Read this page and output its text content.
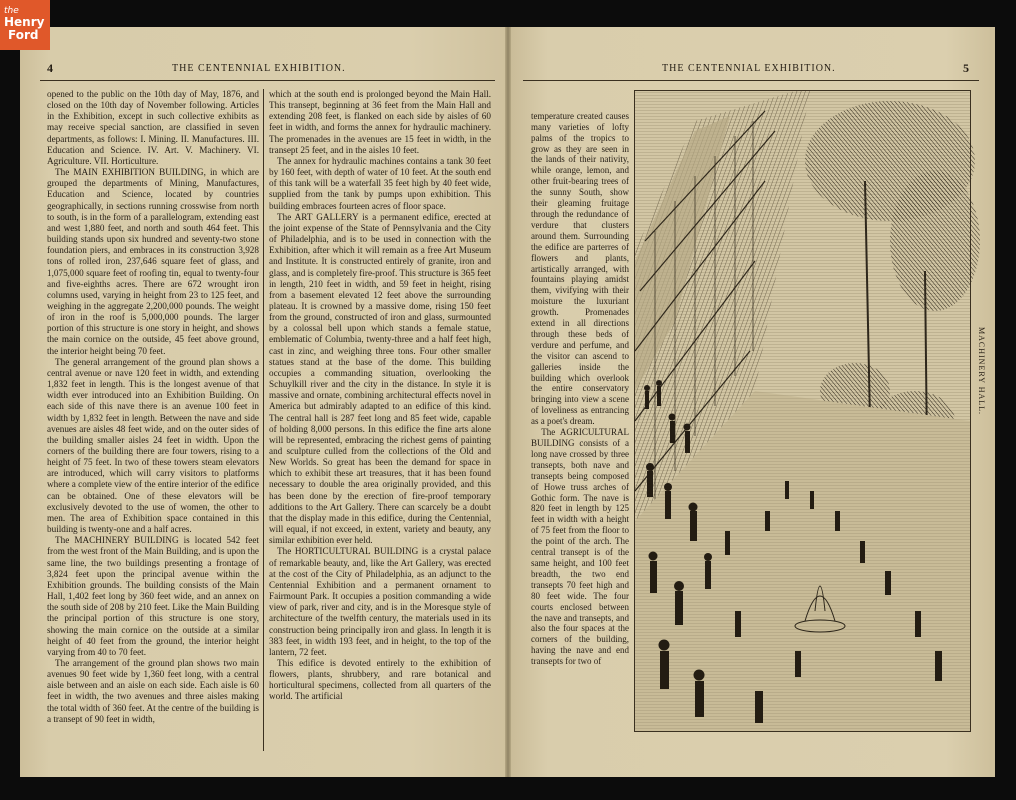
the
Henry
Ford
4	THE CENTENNIAL EXHIBITION.

opened to the public on the 10th day of May, 1876, and closed on the 10th day of November following. Articles in the Exhibition, except in such collective exhibits as may receive special sanction, are classified in seven departments, as follows: I. Mining. II. Manufactures. III. Education and Science. IV. Art. V. Machinery. VI. Agriculture. VII. Horticulture.

The MAIN EXHIBITION BUILDING, in which are grouped the departments of Mining, Manufactures, Education and Science, located by countries geographically, in sections running crosswise from north to south, is in the form of a parallelogram, extending east and west 1,880 feet, and north and south 464 feet. This building stands upon six hundred and seventy-two stone foundation piers, and embraces in its construction 3,928 tons of rolled iron, 237,646 square feet of glass, and 1,075,000 square feet of roofing tin, equal to twenty-four and five-eighths acres. There are 672 wrought iron columns used, varying in height from 23 to 125 feet, and weighing in the aggregate 2,200,000 pounds. The weight of iron in the roof is 5,000,000 pounds. The larger portion of this structure is one story in height, and shows the main cornice on the outside, 45 feet above ground, the interior height being 70 feet.

The general arrangement of the ground plan shows a central avenue or nave 120 feet in width, and extending 1,832 feet in length. This is the longest avenue of that width ever introduced into an Exhibition Building. On each side of this nave there is an avenue 100 feet in width by 1,832 feet in length. Between the nave and side avenues are aisles 48 feet wide, and on the outer sides of the building smaller aisles 24 feet in width. Upon the corners of the building there are four towers, rising to a height of 75 feet. In two of these towers steam elevators are introduced, which will carry visitors to platforms where a complete view of the entire interior of the edifice can be obtained. One of these elevators will be exclusively devoted to the use of women, the other to men. The area of Exhibition space contained in this building is twenty-one and a half acres.

The MACHINERY BUILDING is located 542 feet from the west front of the Main Building, and is upon the same line, the two buildings presenting a frontage of 3,824 feet upon the principal avenue within the Exhibition grounds. The building consists of the Main Hall, 1,402 feet long by 360 feet wide, and an annex on the south side of 208 by 210 feet. Like the Main Building the principal portion of this structure is one story, showing the main cornice on the outside at a similar height of 40 feet from the ground, the interior height varying from 40 to 70 feet.

The arrangement of the ground plan shows two main avenues 90 feet wide by 1,360 feet long, with a central aisle between and an aisle on each side. Each aisle is 60 feet in width, the two avenues and three aisles making the total width of 360 feet. At the centre of the building is a transept of 90 feet in width,

which at the south end is prolonged beyond the Main Hall. This transept, beginning at 36 feet from the Main Hall and extending 208 feet, is flanked on each side by aisles of 60 feet in width, and forms the annex for hydraulic machinery. The promenades in the avenues are 15 feet in width, in the transept 25 feet, and in the aisles 10 feet.

The annex for hydraulic machines contains a tank 30 feet by 160 feet, with depth of water of 10 feet. At the south end of this tank will be a waterfall 35 feet high by 40 feet wide, supplied from the tank by pumps upon exhibition. This building embraces fourteen acres of floor space.

The ART GALLERY is a permanent edifice, erected at the joint expense of the State of Pennsylvania and the City of Philadelphia, and is to be used in connection with the Exhibition, after which it will remain as a free Art Museum and Institute. It is constructed entirely of granite, iron and glass, and is completely fire-proof. This structure is 365 feet in length, 210 feet in width, and 59 feet in height, rising from a basement elevated 12 feet above the surrounding plateau. It is crowned by a massive dome, rising 150 feet from the ground, constructed of iron and glass, surmounted by a colossal bell upon which stands a female statue, emblematic of Columbia, twenty-three and a half feet high, cast in zinc, and weighing three tons. Four other smaller statues stand at the base of the dome. This building occupies a commanding situation, overlooking the Schuylkill river and the city in the distance. In style it is massive and ornate, combining architectural effects novel in America but admirably adapted to an edifice of this kind. The central hall is 287 feet long and 85 feet wide, capable of holding 8,000 persons. In this edifice the fine arts alone will be represented, embracing the richest gems of painting and sculpture culled from the collections of the Old and New Worlds. So great has been the demand for space in which to exhibit these art treasures, that it has been found necessary to double the area originally provided, and this has been done by the erection of fire-proof temporary additions to the Art Gallery. There can scarcely be a doubt that the display made in this edifice, during the Centennial, will equal, if not exceed, in extent, variety and beauty, any similar exhibition ever held.

The HORTICULTURAL BUILDING is a crystal palace of remarkable beauty, and, like the Art Gallery, was erected at the cost of the City of Philadelphia, as an adjunct to the Centennial Exhibition and a permanent ornament to Fairmount Park. It occupies a position commanding a wide view of park, river and city, and is in the Moresque style of architecture of the twelfth century, the materials used in its construction being principally iron and glass. In length it is 383 feet, in width 193 feet, and in height, to the top of the lantern, 72 feet.

This edifice is devoted entirely to the exhibition of flowers, plants, shrubbery, and rare botanical and horticultural specimens, collected from all quarters of the world. The artificial

THE CENTENNIAL EXHIBITION.	5

temperature created causes many varieties of lofty palms of the tropics to grow as they are seen in the lands of their nativity, while orange, lemon, and other fruit-bearing trees of the sunny South, show their gleaming fruitage through the redundance of verdure that clusters around them. Surrounding the edifice are parterres of flowers and plants, artistically arranged, with fountains playing amidst them, vivifying with their moisture the luxuriant growth. Promenades extend in all directions through these beds of verdure and perfume, and the visitor can ascend to galleries inside the building which overlook the entire conservatory bringing into view a scene of loveliness as entrancing as a poet's dream.
The AGRICULTURAL BUILDING consists of a long nave crossed by three transepts, both nave and transepts being composed of Howe truss arches of Gothic form. The nave is 820 feet in length by 125 feet in width with a height of 75 feet from the floor to the point of the arch. The central transept is of the same height, and 100 feet breadth, the two end transepts 70 feet high and 80 feet wide. The four courts enclosed between the nave and transepts, and also the four spaces at the corners of the building, having the nave and end transepts for two of

MACHINERY HALL.
